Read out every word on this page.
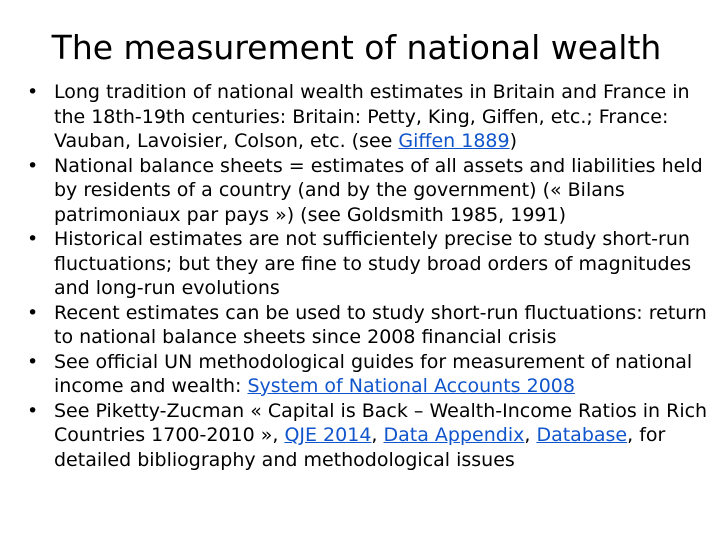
The measurement of national wealth
• Long tradition of national wealth estimates in Britain and France in the 18th-19th centuries: Britain: Petty, King, Giffen, etc.; France: Vauban, Lavoisier, Colson, etc. (see Giffen 1889)
• National balance sheets = estimates of all assets and liabilities held by residents of a country (and by the government) (« Bilans patrimoniaux par pays ») (see Goldsmith 1985, 1991)
• Historical estimates are not sufficientely precise to study short-run fluctuations; but they are fine to study broad orders of magnitudes and long-run evolutions
• Recent estimates can be used to study short-run fluctuations: return to national balance sheets since 2008 financial crisis
• See official UN methodological guides for measurement of national income and wealth: System of National Accounts 2008
• See Piketty-Zucman « Capital is Back – Wealth-Income Ratios in Rich Countries 1700-2010 », QJE 2014, Data Appendix, Database, for detailed bibliography and methodological issues
